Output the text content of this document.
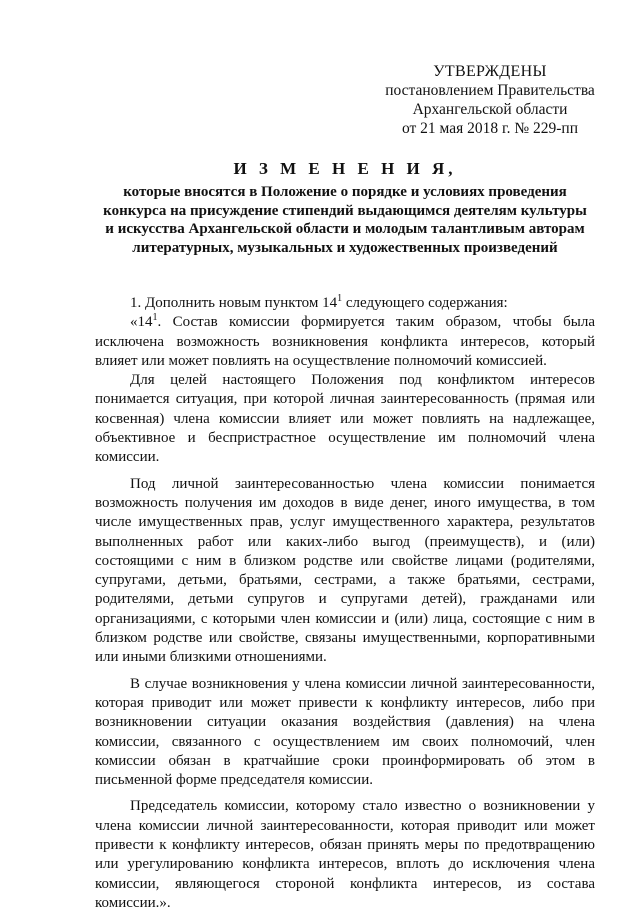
УТВЕРЖДЕНЫ
постановлением Правительства
Архангельской области
от 21 мая 2018 г. № 229-пп
И З М Е Н Е Н И Я,
которые вносятся в Положение о порядке и условиях проведения
конкурса на присуждение стипендий выдающимся деятелям культуры
и искусства Архангельской области и молодым талантливым авторам
литературных, музыкальных и художественных произведений

1. Дополнить новым пунктом $14^1$ следующего содержания:

«$14^1$. Состав комиссии формируется таким образом, чтобы была исключена возможность возникновения конфликта интересов, который влияет или может повлиять на осуществление полномочий комиссией.

Для целей настоящего Положения под конфликтом интересов понимается ситуация, при которой личная заинтересованность (прямая или косвенная) члена комиссии влияет или может повлиять на надлежащее, объективное и беспристрастное осуществление им полномочий члена комиссии.

Под личной заинтересованностью члена комиссии понимается возможность получения им доходов в виде денег, иного имущества, в том числе имущественных прав, услуг имущественного характера, результатов выполненных работ или каких-либо выгод (преимуществ), и (или) состоящими с ним в близком родстве или свойстве лицами (родителями, супругами, детьми, братьями, сестрами, а также братьями, сестрами, родителями, детьми супругов и супругами детей), гражданами или организациями, с которыми член комиссии и (или) лица, состоящие с ним в близком родстве или свойстве, связаны имущественными, корпоративными или иными близкими отношениями.

В случае возникновения у члена комиссии личной заинтересованности, которая приводит или может привести к конфликту интересов, либо при возникновении ситуации оказания воздействия (давления) на члена комиссии, связанного с осуществлением им своих полномочий, член комиссии обязан в кратчайшие сроки проинформировать об этом в письменной форме председателя комиссии.

Председатель комиссии, которому стало известно о возникновении у члена комиссии личной заинтересованности, которая приводит или может привести к конфликту интересов, обязан принять меры по предотвращению или урегулированию конфликта интересов, вплоть до исключения члена комиссии, являющегося стороной конфликта интересов, из состава комиссии.».
